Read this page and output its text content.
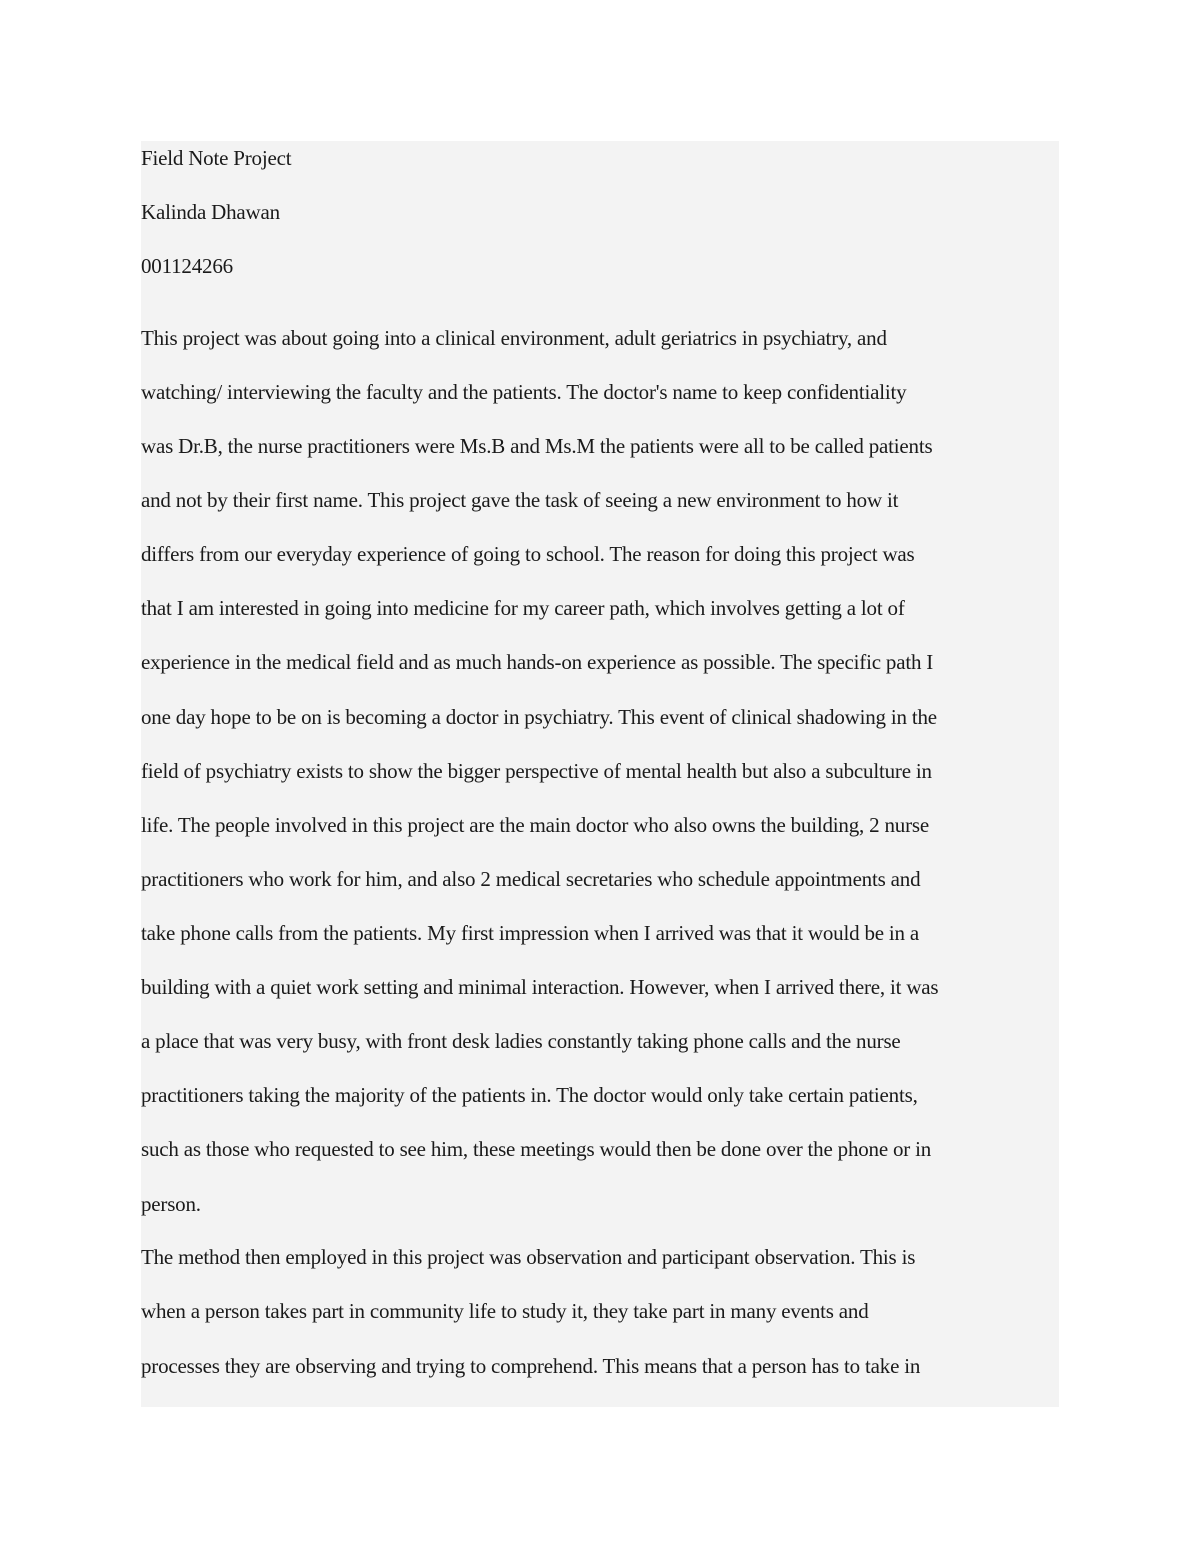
Field Note Project
Kalinda Dhawan
001124266
This project was about going into a clinical environment, adult geriatrics in psychiatry, and
watching/ interviewing the faculty and the patients. The doctor's name to keep confidentiality
was Dr.B, the nurse practitioners were Ms.B and Ms.M the patients were all to be called patients
and not by their first name. This project gave the task of seeing a new environment to how it
differs from our everyday experience of going to school. The reason for doing this project was
that I am interested in going into medicine for my career path, which involves getting a lot of
experience in the medical field and as much hands-on experience as possible. The specific path I
one day hope to be on is becoming a doctor in psychiatry. This event of clinical shadowing in the
field of psychiatry exists to show the bigger perspective of mental health but also a subculture in
life. The people involved in this project are the main doctor who also owns the building, 2 nurse
practitioners who work for him, and also 2 medical secretaries who schedule appointments and
take phone calls from the patients. My first impression when I arrived was that it would be in a
building with a quiet work setting and minimal interaction. However, when I arrived there, it was
a place that was very busy, with front desk ladies constantly taking phone calls and the nurse
practitioners taking the majority of the patients in. The doctor would only take certain patients,
such as those who requested to see him, these meetings would then be done over the phone or in
person.
The method then employed in this project was observation and participant observation. This is
when a person takes part in community life to study it, they take part in many events and
processes they are observing and trying to comprehend. This means that a person has to take in
